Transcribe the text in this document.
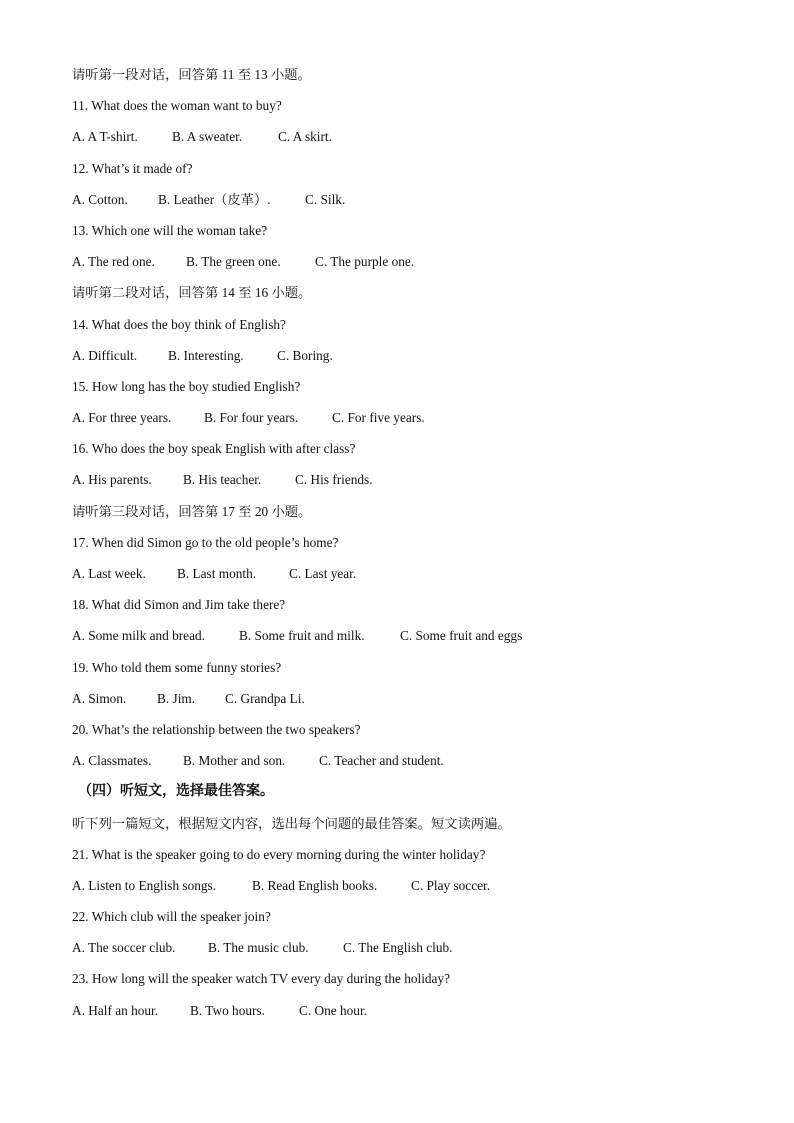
请听第一段对话，回答第 11 至 13 小题。
11. What does the woman want to buy?
A. A T-shirt.	B. A sweater.	C. A skirt.
12. What’s it made of?
A. Cotton. B. Leather（皮革）.	C. Silk.
13. Which one will the woman take?
A. The red one. B. The green one.	C. The purple one.
请听第二段对话，回答第 14 至 16 小题。
14. What does the boy think of English?
A. Difficult. B. Interesting.	C. Boring.
15. How long has the boy studied English?
A. For three years. B. For four years.	C. For five years.
16. Who does the boy speak English with after class?
A. His parents. B. His teacher.	C. His friends.
请听第三段对话，回答第 17 至 20 小题。
17. When did Simon go to the old people’s home?
A. Last week. B. Last month. C. Last year.
18. What did Simon and Jim take there?
A. Some milk and bread.	B. Some fruit and milk.	C. Some fruit and eggs
19. Who told them some funny stories?
A. Simon. B. Jim. C. Grandpa Li.
20. What’s the relationship between the two speakers?
A. Classmates. B. Mother and son.	C. Teacher and student.
（四）听短文，选择最佳答案。
听下列一篇短文，根据短文内容，选出每个问题的最佳答案。短文读两遍。
21. What is the speaker going to do every morning during the winter holiday?
A. Listen to English songs.	B. Read English books.	C. Play soccer.
22. Which club will the speaker join?
A. The soccer club. B. The music club.	C. The English club.
23. How long will the speaker watch TV every day during the holiday?
A. Half an hour. B. Two hours.	C. One hour.
